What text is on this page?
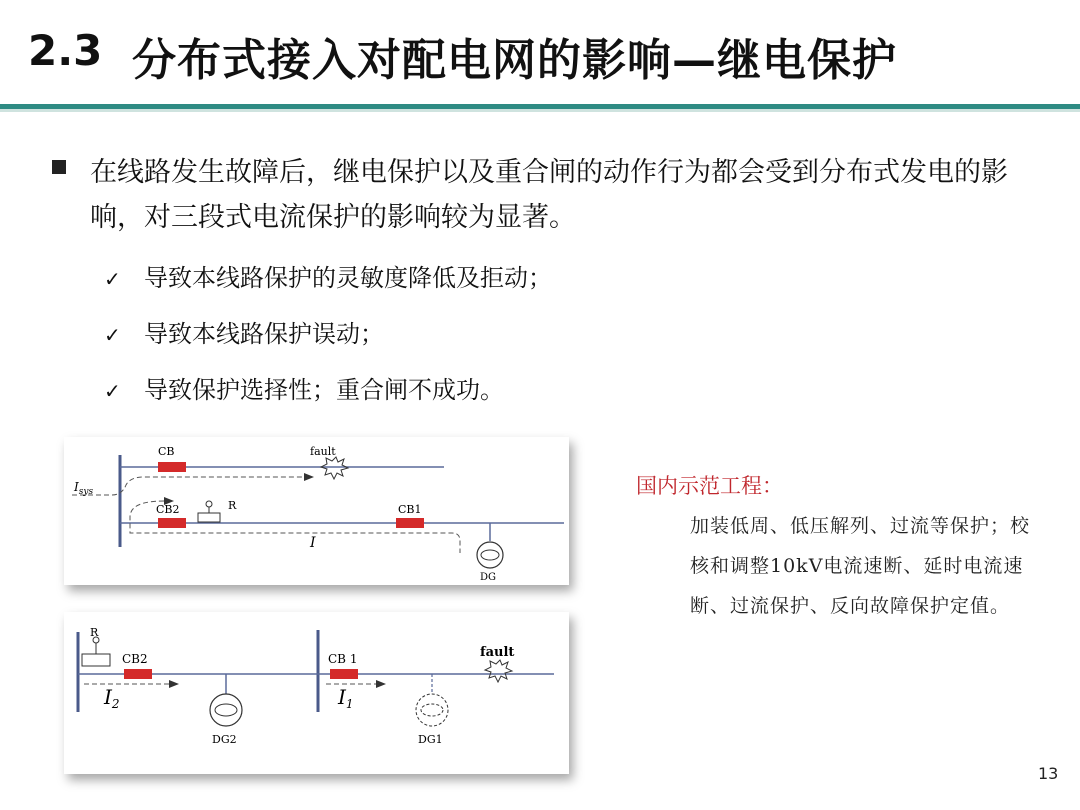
2.3 分布式接入对配电网的影响—继电保护
在线路发生故障后，继电保护以及重合闸的动作行为都会受到分布式发电的影响，对三段式电流保护的影响较为显著。
✓ 导致本线路保护的灵敏度降低及拒动；
✓ 导致本线路保护误动；
✓ 导致保护选择性；重合闸不成功。
CB	fault
$I_{sys}$
CB2	R	CB1
I
DG
R
CB2
$I_2$
DG2
CB 1
$I_1$
DG1
fault
国内示范工程：
加装低周、低压解列、过流等保护；校核和调整10kV电流速断、延时电流速断、过流保护、反向故障保护定值。
13
